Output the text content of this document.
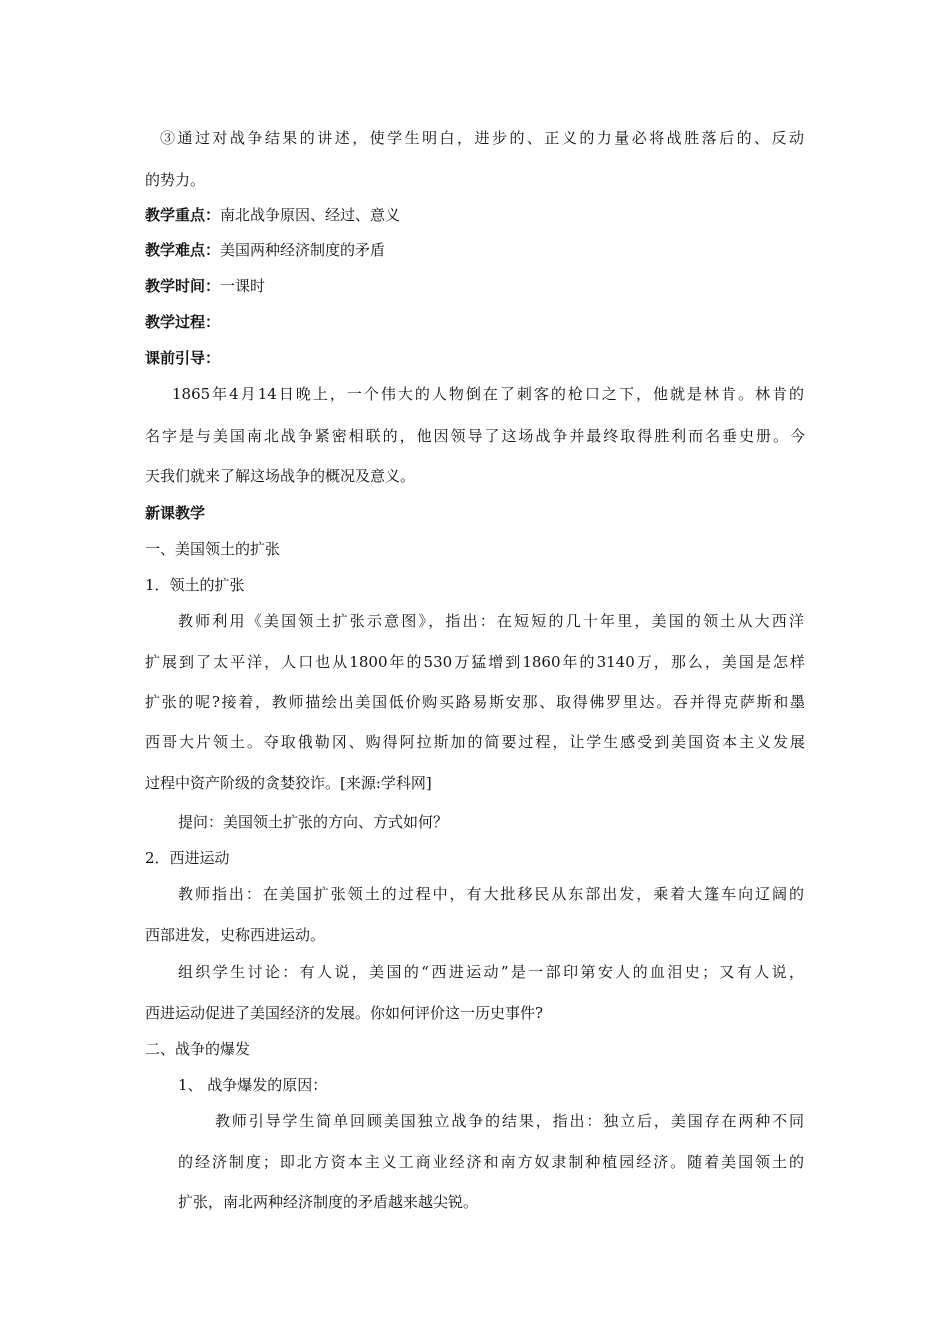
③通过对战争结果的讲述，使学生明白，进步的、正义的力量必将战胜落后的、反动
的势力。
教学重点：南北战争原因、经过、意义
教学难点：美国两种经济制度的矛盾
教学时间：一课时
教学过程：
课前引导：
1865年4月14日晚上，一个伟大的人物倒在了刺客的枪口之下，他就是林肯。林肯的
名字是与美国南北战争紧密相联的，他因领导了这场战争并最终取得胜利而名垂史册。今
天我们就来了解这场战争的概况及意义。
新课教学
一、美国领土的扩张
1．领土的扩张
教师利用《美国领土扩张示意图》，指出：在短短的几十年里，美国的领土从大西洋
扩展到了太平洋，人口也从1800年的530万猛增到1860年的3140万，那么，美国是怎样
扩张的呢?接着，教师描绘出美国低价购买路易斯安那、取得佛罗里达。吞并得克萨斯和墨
西哥大片领土。夺取俄勒冈、购得阿拉斯加的简要过程，让学生感受到美国资本主义发展
过程中资产阶级的贪婪狡诈。[来源:学科网]
提问：美国领土扩张的方向、方式如何？
2．西进运动
教师指出：在美国扩张领土的过程中，有大批移民从东部出发，乘着大篷车向辽阔的
西部进发，史称西进运动。
组织学生讨论：有人说，美国的“西进运动”是一部印第安人的血泪史；又有人说，
西进运动促进了美国经济的发展。你如何评价这一历史事件?
二、战争的爆发
1、 战争爆发的原因：
教师引导学生简单回顾美国独立战争的结果，指出：独立后，美国存在两种不同
的经济制度；即北方资本主义工商业经济和南方奴隶制种植园经济。随着美国领土的
扩张，南北两种经济制度的矛盾越来越尖锐。
